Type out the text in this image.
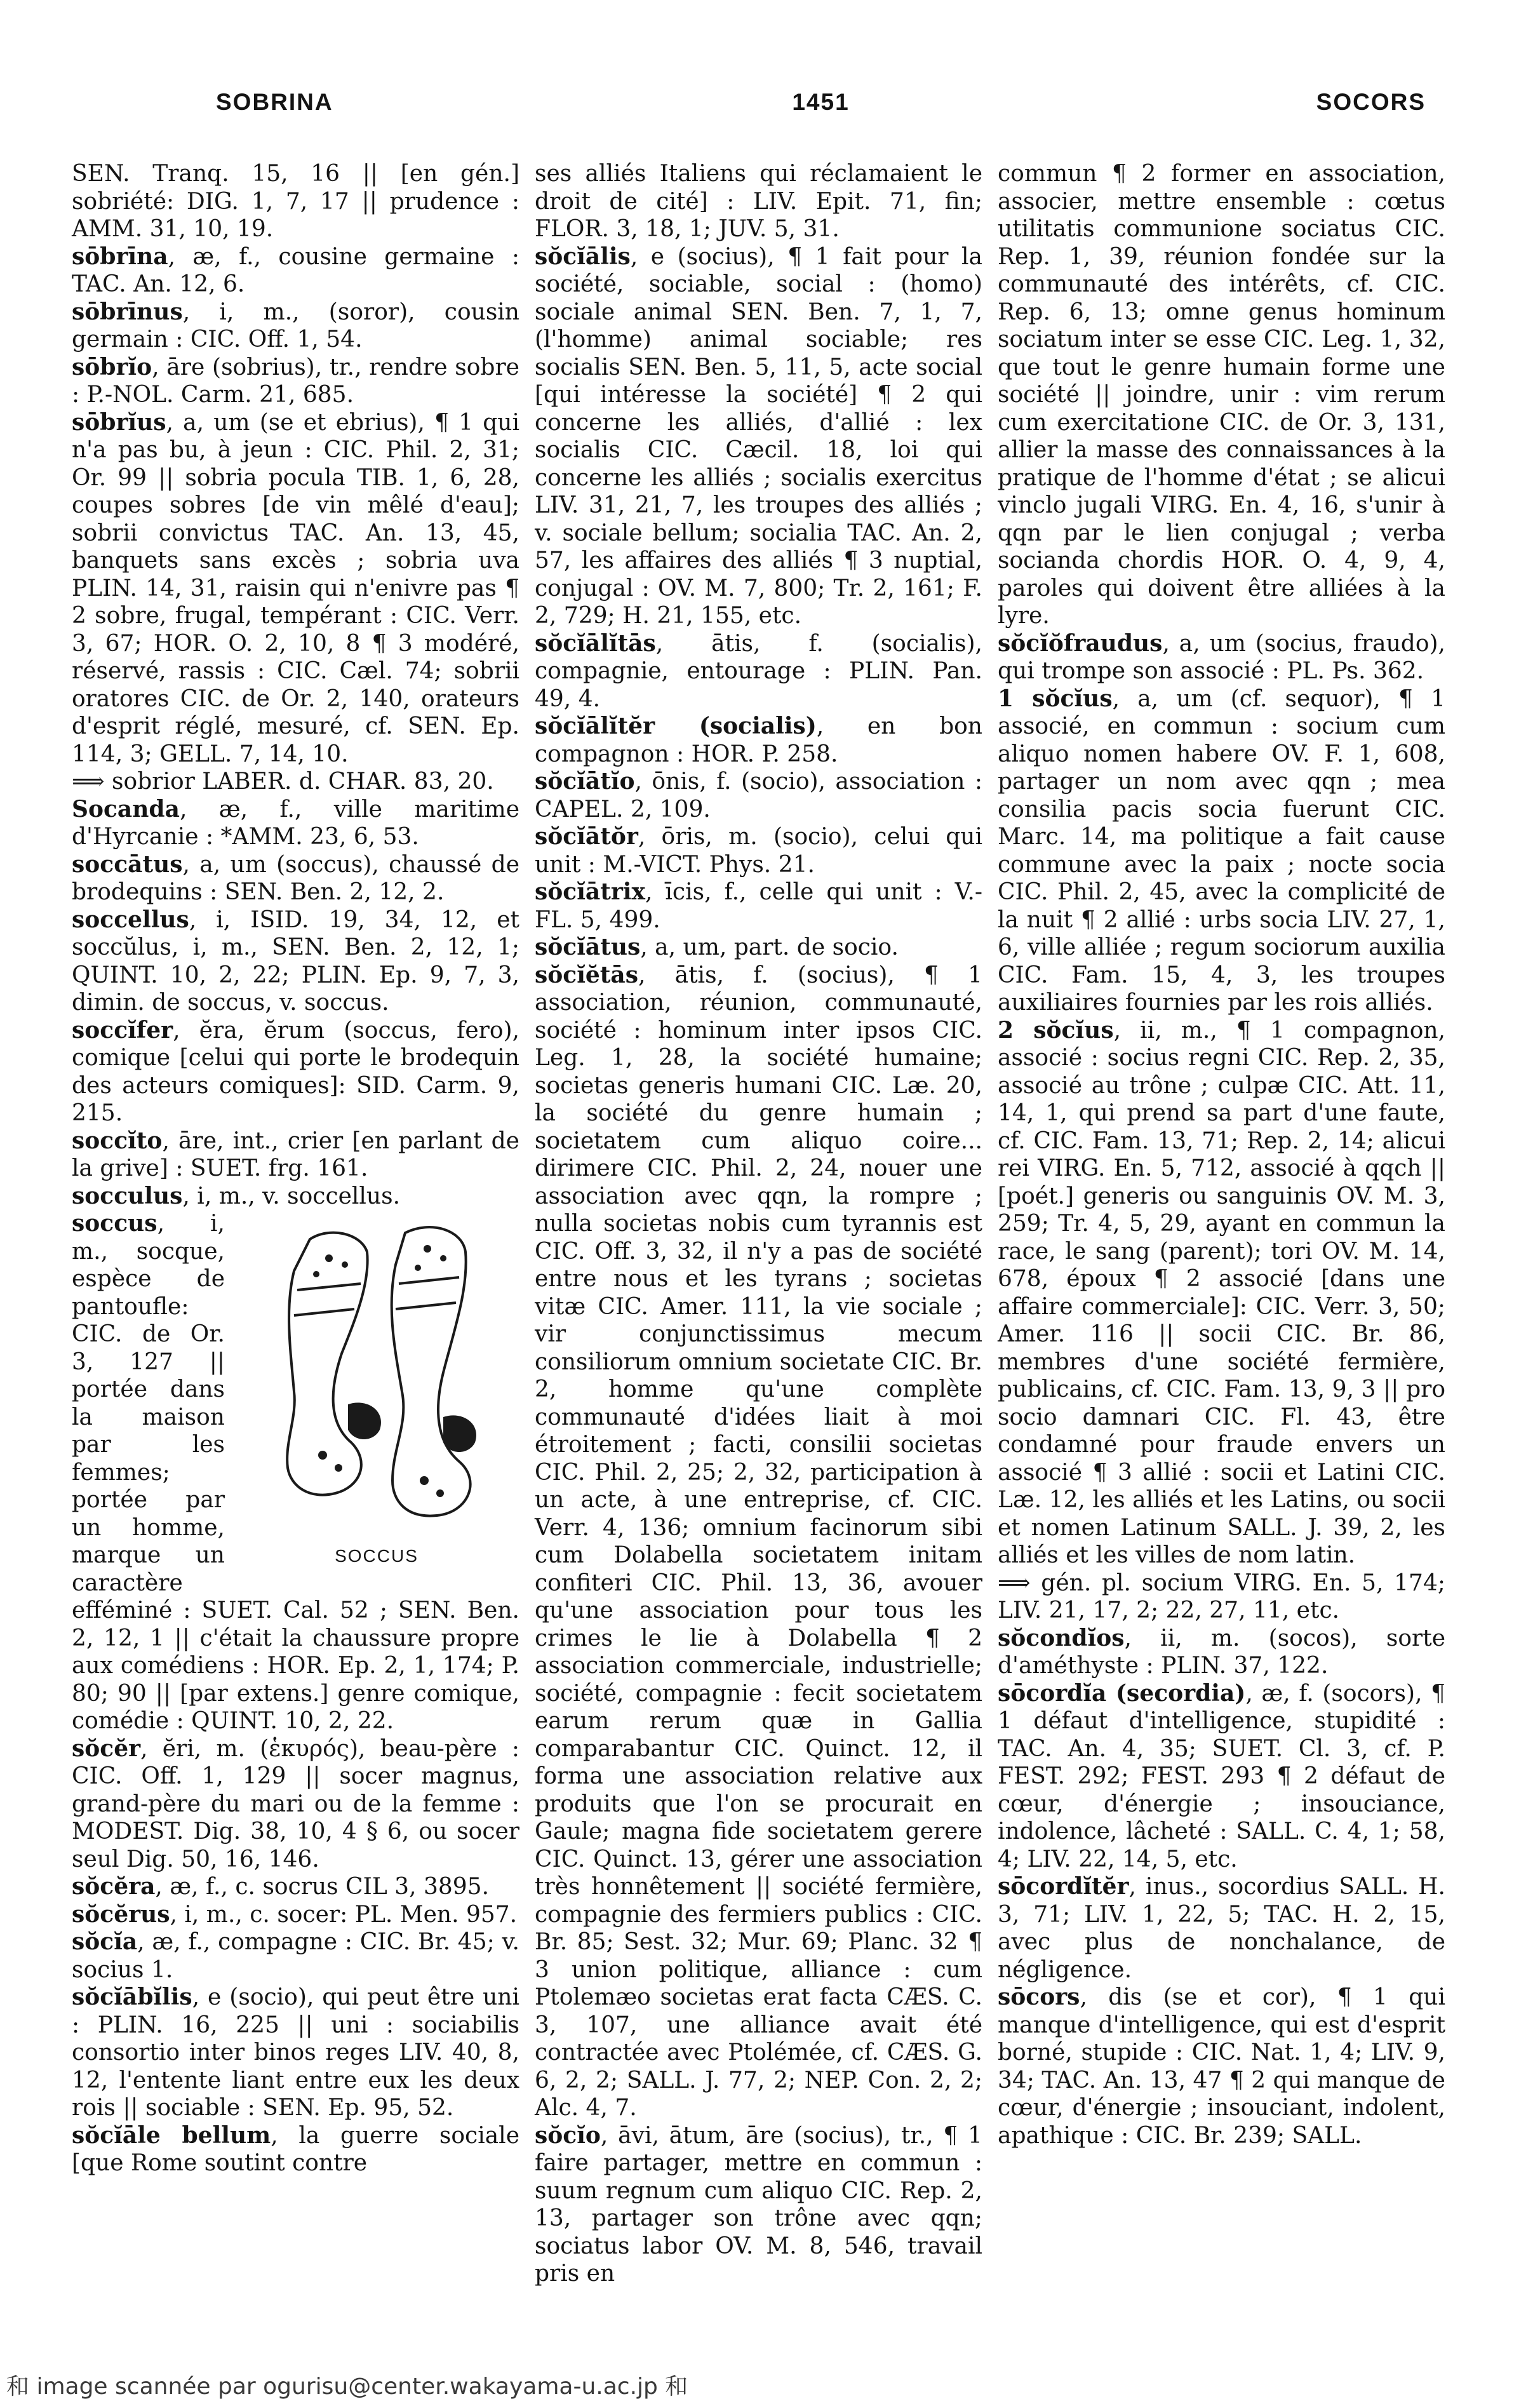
SOBRINA	1451	SOCORS

SEN. Tranq. 15, 16 || [en gén.] sobriété: DIG. 1, 7, 17 || prudence : AMM. 31, 10, 19.

sōbrīna, æ, f., cousine germaine : TAC. An. 12, 6.

sōbrīnus, i, m., (soror), cousin germain : CIC. Off. 1, 54.

sōbrĭo, āre (sobrius), tr., rendre sobre : P.-NOL. Carm. 21, 685.

sōbrĭus, a, um (se et ebrius), ¶ 1 qui n'a pas bu, à jeun : CIC. Phil. 2, 31; Or. 99 || sobria pocula TIB. 1, 6, 28, coupes sobres [de vin mêlé d'eau]; sobrii convictus TAC. An. 13, 45, banquets sans excès ; sobria uva PLIN. 14, 31, raisin qui n'enivre pas ¶ 2 sobre, frugal, tempérant : CIC. Verr. 3, 67; HOR. O. 2, 10, 8 ¶ 3 modéré, réservé, rassis : CIC. Cæl. 74; sobrii oratores CIC. de Or. 2, 140, orateurs d'esprit réglé, mesuré, cf. SEN. Ep. 114, 3; GELL. 7, 14, 10.

⟹ sobrior LABER. d. CHAR. 83, 20.

Socanda, æ, f., ville maritime d'Hyrcanie : *AMM. 23, 6, 53.

soccātus, a, um (soccus), chaussé de brodequins : SEN. Ben. 2, 12, 2.

soccellus, i, ISID. 19, 34, 12, et soccŭlus, i, m., SEN. Ben. 2, 12, 1; QUINT. 10, 2, 22; PLIN. Ep. 9, 7, 3, dimin. de soccus, v. soccus.

soccĭfer, ĕra, ĕrum (soccus, fero), comique [celui qui porte le brodequin des acteurs comiques]: SID. Carm. 9, 215.

soccĭto, āre, int., crier [en parlant de la grive] : SUET. frg. 161.

socculus, i, m., v. soccellus.

SOCCUS

soccus, i, m., socque, espèce de pantoufle: CIC. de Or. 3, 127 || portée dans la maison par les femmes; portée par un homme, marque un caractère efféminé : SUET. Cal. 52 ; SEN. Ben. 2, 12, 1 || c'était la chaussure propre aux comédiens : HOR. Ep. 2, 1, 174; P. 80; 90 || [par extens.] genre comique, comédie : QUINT. 10, 2, 22.

sŏcĕr, ĕri, m. (ἑκυρός), beau-père : CIC. Off. 1, 129 || socer magnus, grand-père du mari ou de la femme : MODEST. Dig. 38, 10, 4 § 6, ou socer seul Dig. 50, 16, 146.

sŏcĕra, æ, f., c. socrus CIL 3, 3895.

sŏcĕrus, i, m., c. socer: PL. Men. 957.

sŏcĭa, æ, f., compagne : CIC. Br. 45; v. socius 1.

sŏcĭābĭlis, e (socio), qui peut être uni : PLIN. 16, 225 || uni : sociabilis consortio inter binos reges LIV. 40, 8, 12, l'entente liant entre eux les deux rois || sociable : SEN. Ep. 95, 52.

sŏcĭāle bellum, la guerre sociale [que Rome soutint contre

ses alliés Italiens qui réclamaient le droit de cité] : LIV. Epit. 71, fin; FLOR. 3, 18, 1; JUV. 5, 31.

sŏcĭālis, e (socius), ¶ 1 fait pour la société, sociable, social : (homo) sociale animal SEN. Ben. 7, 1, 7, (l'homme) animal sociable; res socialis SEN. Ben. 5, 11, 5, acte social [qui intéresse la société] ¶ 2 qui concerne les alliés, d'allié : lex socialis CIC. Cæcil. 18, loi qui concerne les alliés ; socialis exercitus LIV. 31, 21, 7, les troupes des alliés ; v. sociale bellum; socialia TAC. An. 2, 57, les affaires des alliés ¶ 3 nuptial, conjugal : OV. M. 7, 800; Tr. 2, 161; F. 2, 729; H. 21, 155, etc.

sŏcĭālĭtās, ātis, f. (socialis), compagnie, entourage : PLIN. Pan. 49, 4.

sŏcĭālĭtĕr (socialis), en bon compagnon : HOR. P. 258.

sŏcĭātĭo, ōnis, f. (socio), association : CAPEL. 2, 109.

sŏcĭātŏr, ōris, m. (socio), celui qui unit : M.-VICT. Phys. 21.

sŏcĭātrix, īcis, f., celle qui unit : V.-FL. 5, 499.

sŏcĭātus, a, um, part. de socio.

sŏcĭĕtās, ātis, f. (socius), ¶ 1 association, réunion, communauté, société : hominum inter ipsos CIC. Leg. 1, 28, la société humaine; societas generis humani CIC. Læ. 20, la société du genre humain ; societatem cum aliquo coire... dirimere CIC. Phil. 2, 24, nouer une association avec qqn, la rompre ; nulla societas nobis cum tyrannis est CIC. Off. 3, 32, il n'y a pas de société entre nous et les tyrans ; societas vitæ CIC. Amer. 111, la vie sociale ; vir conjunctissimus mecum consiliorum omnium societate CIC. Br. 2, homme qu'une complète communauté d'idées liait à moi étroitement ; facti, consilii societas CIC. Phil. 2, 25; 2, 32, participation à un acte, à une entreprise, cf. CIC. Verr. 4, 136; omnium facinorum sibi cum Dolabella societatem initam confiteri CIC. Phil. 13, 36, avouer qu'une association pour tous les crimes le lie à Dolabella ¶ 2 association commerciale, industrielle; société, compagnie : fecit societatem earum rerum quæ in Gallia comparabantur CIC. Quinct. 12, il forma une association relative aux produits que l'on se procurait en Gaule; magna fide societatem gerere CIC. Quinct. 13, gérer une association très honnêtement || société fermière, compagnie des fermiers publics : CIC. Br. 85; Sest. 32; Mur. 69; Planc. 32 ¶ 3 union politique, alliance : cum Ptolemæo societas erat facta CÆS. C. 3, 107, une alliance avait été contractée avec Ptolémée, cf. CÆS. G. 6, 2, 2; SALL. J. 77, 2; NEP. Con. 2, 2; Alc. 4, 7.

sŏcĭo, āvi, ātum, āre (socius), tr., ¶ 1 faire partager, mettre en commun : suum regnum cum aliquo CIC. Rep. 2, 13, partager son trône avec qqn; sociatus labor OV. M. 8, 546, travail pris en

commun ¶ 2 former en association, associer, mettre ensemble : cœtus utilitatis communione sociatus CIC. Rep. 1, 39, réunion fondée sur la communauté des intérêts, cf. CIC. Rep. 6, 13; omne genus hominum sociatum inter se esse CIC. Leg. 1, 32, que tout le genre humain forme une société || joindre, unir : vim rerum cum exercitatione CIC. de Or. 3, 131, allier la masse des connaissances à la pratique de l'homme d'état ; se alicui vinclo jugali VIRG. En. 4, 16, s'unir à qqn par le lien conjugal ; verba socianda chordis HOR. O. 4, 9, 4, paroles qui doivent être alliées à la lyre.

sŏcĭŏfraudus, a, um (socius, fraudo), qui trompe son associé : PL. Ps. 362.

1 sŏcĭus, a, um (cf. sequor), ¶ 1 associé, en commun : socium cum aliquo nomen habere OV. F. 1, 608, partager un nom avec qqn ; mea consilia pacis socia fuerunt CIC. Marc. 14, ma politique a fait cause commune avec la paix ; nocte socia CIC. Phil. 2, 45, avec la complicité de la nuit ¶ 2 allié : urbs socia LIV. 27, 1, 6, ville alliée ; regum sociorum auxilia CIC. Fam. 15, 4, 3, les troupes auxiliaires fournies par les rois alliés.

2 sŏcĭus, ii, m., ¶ 1 compagnon, associé : socius regni CIC. Rep. 2, 35, associé au trône ; culpæ CIC. Att. 11, 14, 1, qui prend sa part d'une faute, cf. CIC. Fam. 13, 71; Rep. 2, 14; alicui rei VIRG. En. 5, 712, associé à qqch || [poét.] generis ou sanguinis OV. M. 3, 259; Tr. 4, 5, 29, ayant en commun la race, le sang (parent); tori OV. M. 14, 678, époux ¶ 2 associé [dans une affaire commerciale]: CIC. Verr. 3, 50; Amer. 116 || socii CIC. Br. 86, membres d'une société fermière, publicains, cf. CIC. Fam. 13, 9, 3 || pro socio damnari CIC. Fl. 43, être condamné pour fraude envers un associé ¶ 3 allié : socii et Latini CIC. Læ. 12, les alliés et les Latins, ou socii et nomen Latinum SALL. J. 39, 2, les alliés et les villes de nom latin.

⟹ gén. pl. socium VIRG. En. 5, 174; LIV. 21, 17, 2; 22, 27, 11, etc.

sŏcondĭos, ii, m. (socos), sorte d'améthyste : PLIN. 37, 122.

sōcordĭa (secordia), æ, f. (socors), ¶ 1 défaut d'intelligence, stupidité : TAC. An. 4, 35; SUET. Cl. 3, cf. P. FEST. 292; FEST. 293 ¶ 2 défaut de cœur, d'énergie ; insouciance, indolence, lâcheté : SALL. C. 4, 1; 58, 4; LIV. 22, 14, 5, etc.

sōcordĭtĕr, inus., socordius SALL. H. 3, 71; LIV. 1, 22, 5; TAC. H. 2, 15, avec plus de nonchalance, de négligence.

sōcors, dis (se et cor), ¶ 1 qui manque d'intelligence, qui est d'esprit borné, stupide : CIC. Nat. 1, 4; LIV. 9, 34; TAC. An. 13, 47 ¶ 2 qui manque de cœur, d'énergie ; insouciant, indolent, apathique : CIC. Br. 239; SALL.

和 image scannée par ogurisu@center.wakayama-u.ac.jp 和
